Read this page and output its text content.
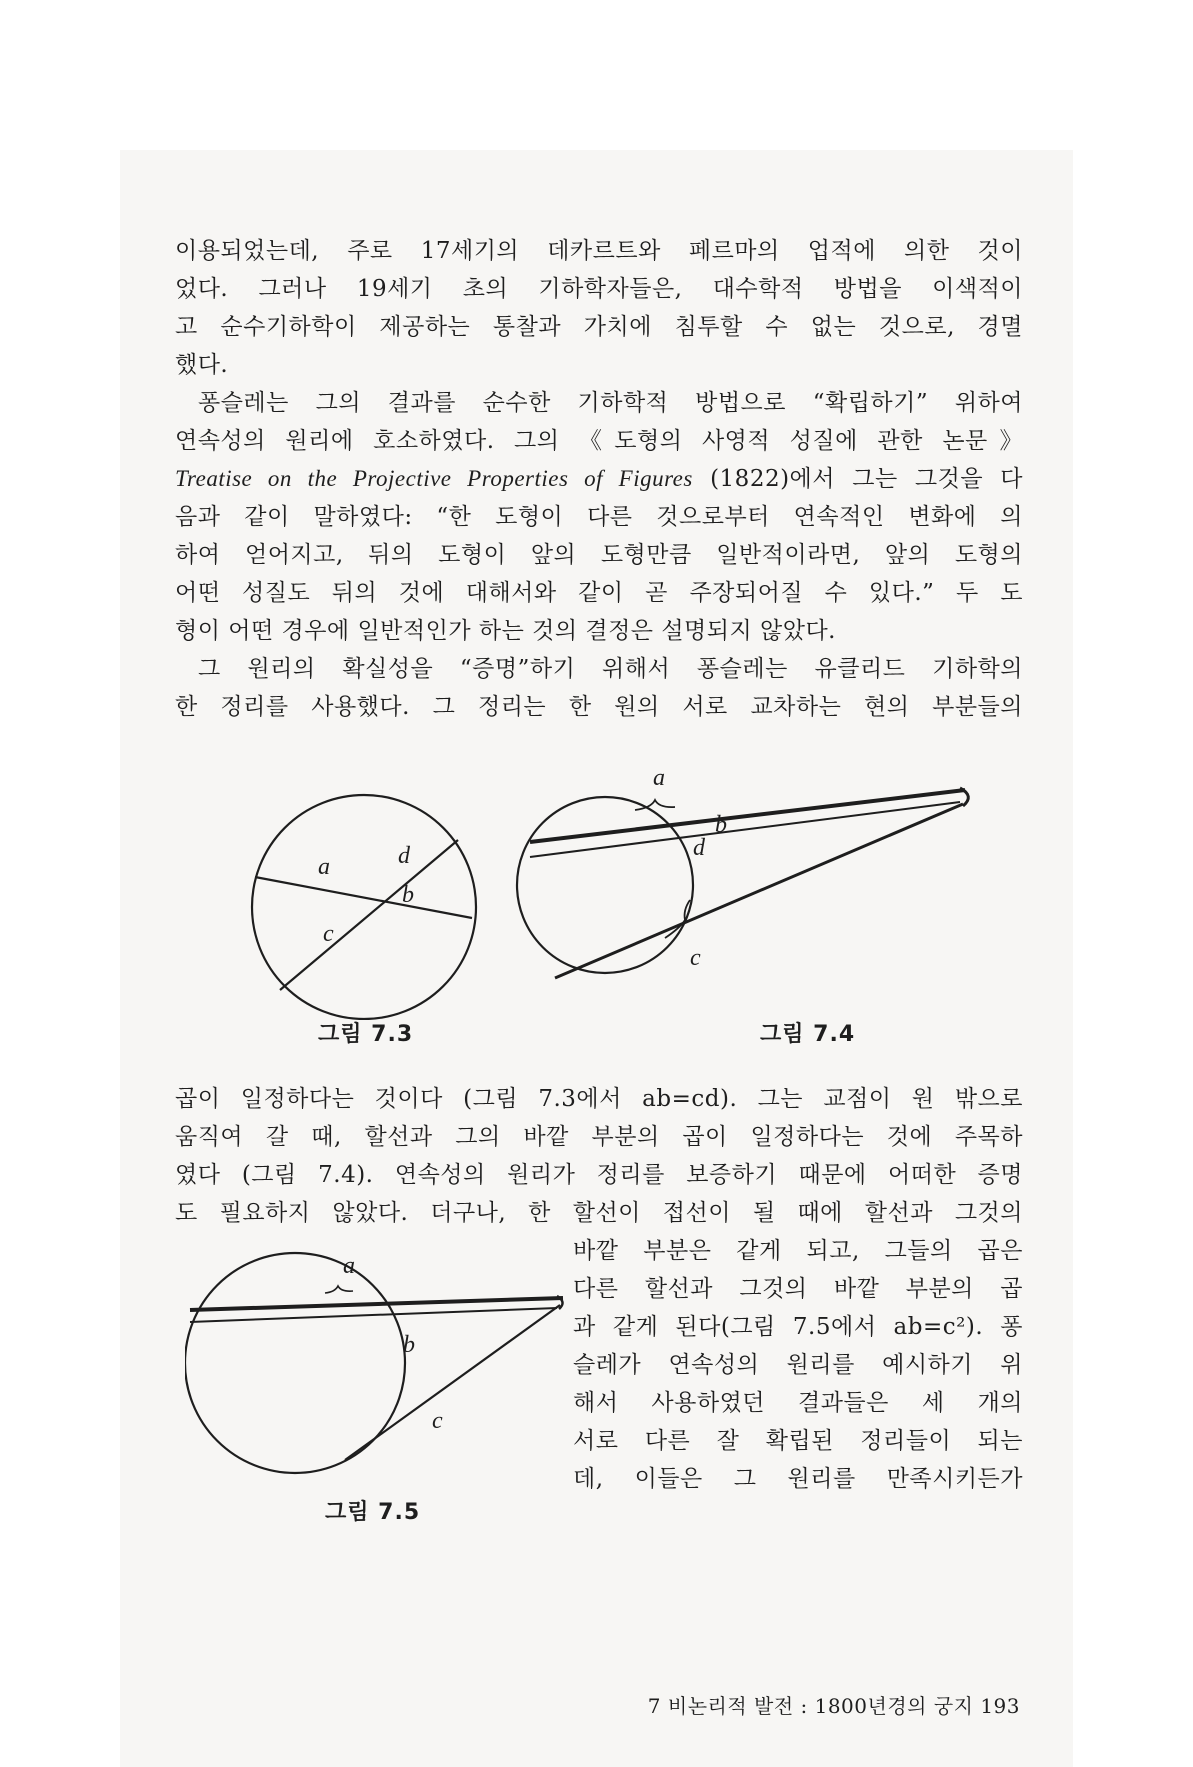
이용되었는데, 주로 17세기의 데카르트와 페르마의 업적에 의한 것이
었다. 그러나 19세기 초의 기하학자들은, 대수학적 방법을 이색적이
고 순수기하학이 제공하는 통찰과 가치에 침투할 수 없는 것으로, 경멸
했다.
퐁슬레는 그의 결과를 순수한 기하학적 방법으로 “확립하기” 위하여
연속성의 원리에 호소하였다. 그의 《도형의 사영적 성질에 관한 논문》
Treatise on the Projective Properties of Figures (1822)에서 그는 그것을 다
음과 같이 말하였다: “한 도형이 다른 것으로부터 연속적인 변화에 의
하여 얻어지고, 뒤의 도형이 앞의 도형만큼 일반적이라면, 앞의 도형의
어떤 성질도 뒤의 것에 대해서와 같이 곧 주장되어질 수 있다.” 두 도
형이 어떤 경우에 일반적인가 하는 것의 결정은 설명되지 않았다.
그 원리의 확실성을 “증명”하기 위해서 퐁슬레는 유클리드 기하학의
한 정리를 사용했다. 그 정리는 한 원의 서로 교차하는 현의 부분들의
a	d
b
c
그림 7.3
a
b
d
c
그림 7.4
곱이 일정하다는 것이다 (그림 7.3에서 ab=cd). 그는 교점이 원 밖으로
움직여 갈 때, 할선과 그의 바깥 부분의 곱이 일정하다는 것에 주목하
였다 (그림 7.4). 연속성의 원리가 정리를 보증하기 때문에 어떠한 증명
도 필요하지 않았다. 더구나, 한 할선이 접선이 될 때에 할선과 그것의
a
b
c
그림 7.5
바깥 부분은 같게 되고, 그들의 곱은
다른 할선과 그것의 바깥 부분의 곱
과 같게 된다(그림 7.5에서 ab=c²). 퐁
슬레가 연속성의 원리를 예시하기 위
해서 사용하였던 결과들은 세 개의
서로 다른 잘 확립된 정리들이 되는
데, 이들은 그 원리를 만족시키든가
7 비논리적 발전 : 1800년경의 궁지 193
